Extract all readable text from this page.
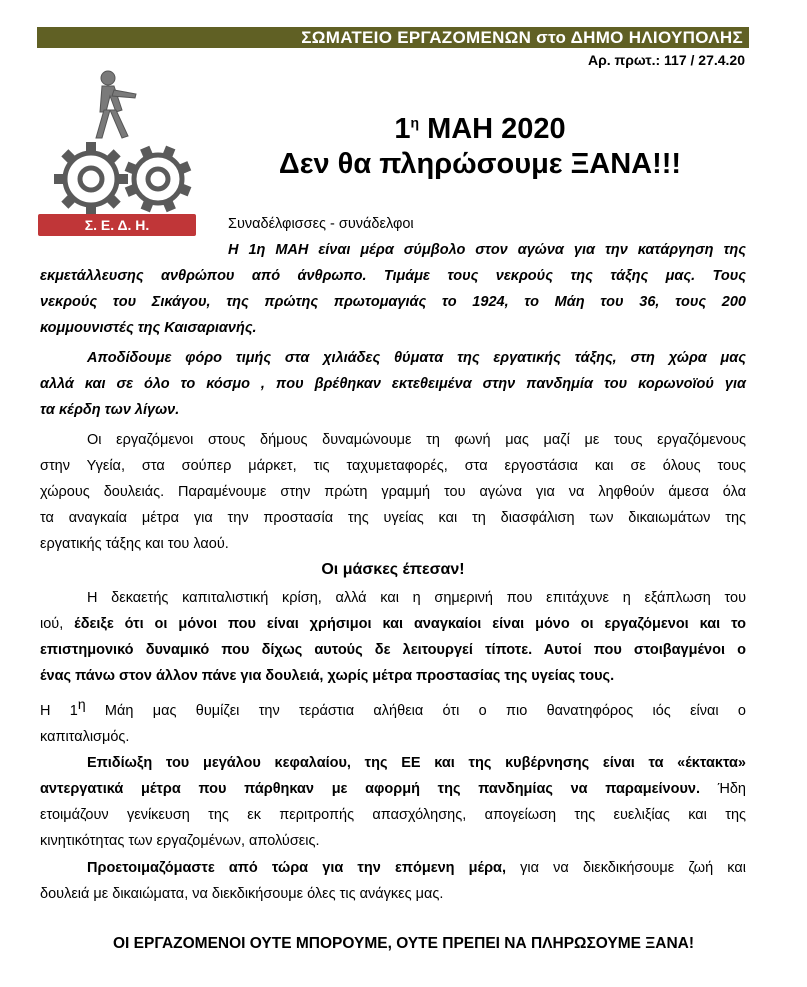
ΣΩΜΑΤΕΙΟ ΕΡΓΑΖΟΜΕΝΩΝ στο ΔΗΜΟ ΗΛΙΟΥΠΟΛΗΣ
Αρ. πρωτ.: 117 / 27.4.20
Σ. Ε. Δ. Η.
$1^\eta$ ΜΑΗ 2020
Δεν θα πληρώσουμε ΞΑΝΑ!!!
Συναδέλφισσες - συνάδελφοι
Η 1η ΜΑΗ είναι μέρα σύμβολο στον αγώνα για την κατάργηση της
εκμετάλλευσης ανθρώπου από άνθρωπο. Τιμάμε τους νεκρούς της τάξης μας. Τους
νεκρούς του Σικάγου, της πρώτης πρωτομαγιάς το 1924, το Μάη του 36, τους 200
κομμουνιστές της Καισαριανής.
Αποδίδουμε φόρο τιμής στα χιλιάδες θύματα της εργατικής τάξης, στη χώρα μας
αλλά και σε όλο το κόσμο , που βρέθηκαν εκτεθειμένα στην πανδημία του κορωνοϊού για
τα κέρδη των λίγων.
Οι εργαζόμενοι στους δήμους δυναμώνουμε τη φωνή μας μαζί με τους εργαζόμενους
στην Υγεία, στα σούπερ μάρκετ, τις ταχυμεταφορές, στα εργοστάσια και σε όλους τους
χώρους δουλειάς. Παραμένουμε στην πρώτη γραμμή του αγώνα για να ληφθούν άμεσα όλα
τα αναγκαία μέτρα για την προστασία της υγείας και τη διασφάλιση των δικαιωμάτων της
εργατικής τάξης και του λαού.
Οι μάσκες έπεσαν!
Η δεκαετής καπιταλιστική κρίση, αλλά και η σημερινή που επιτάχυνε η εξάπλωση του
ιού, έδειξε ότι οι μόνοι που είναι χρήσιμοι και αναγκαίοι είναι μόνο οι εργαζόμενοι και το
επιστημονικό δυναμικό που δίχως αυτούς δε λειτουργεί τίποτε. Αυτοί που στοιβαγμένοι ο
ένας πάνω στον άλλον πάνε για δουλειά, χωρίς μέτρα προστασίας της υγείας τους.
Η 1η Μάη μας θυμίζει την τεράστια αλήθεια ότι ο πιο θανατηφόρος ιός είναι ο
καπιταλισμός.
Επιδίωξη του μεγάλου κεφαλαίου, της ΕΕ και της κυβέρνησης είναι τα «έκτακτα»
αντεργατικά μέτρα που πάρθηκαν με αφορμή της πανδημίας να παραμείνουν. Ήδη
ετοιμάζουν γενίκευση της εκ περιτροπής απασχόλησης, απογείωση της ευελιξίας και της
κινητικότητας των εργαζομένων, απολύσεις.
Προετοιμαζόμαστε από τώρα για την επόμενη μέρα, για να διεκδικήσουμε ζωή και
δουλειά με δικαιώματα, να διεκδικήσουμε όλες τις ανάγκες μας.
ΟΙ ΕΡΓΑΖΟΜΕΝΟΙ ΟΥΤΕ ΜΠΟΡΟΥΜΕ, ΟΥΤΕ ΠΡΕΠΕΙ ΝΑ ΠΛΗΡΩΣΟΥΜΕ ΞΑΝΑ!
